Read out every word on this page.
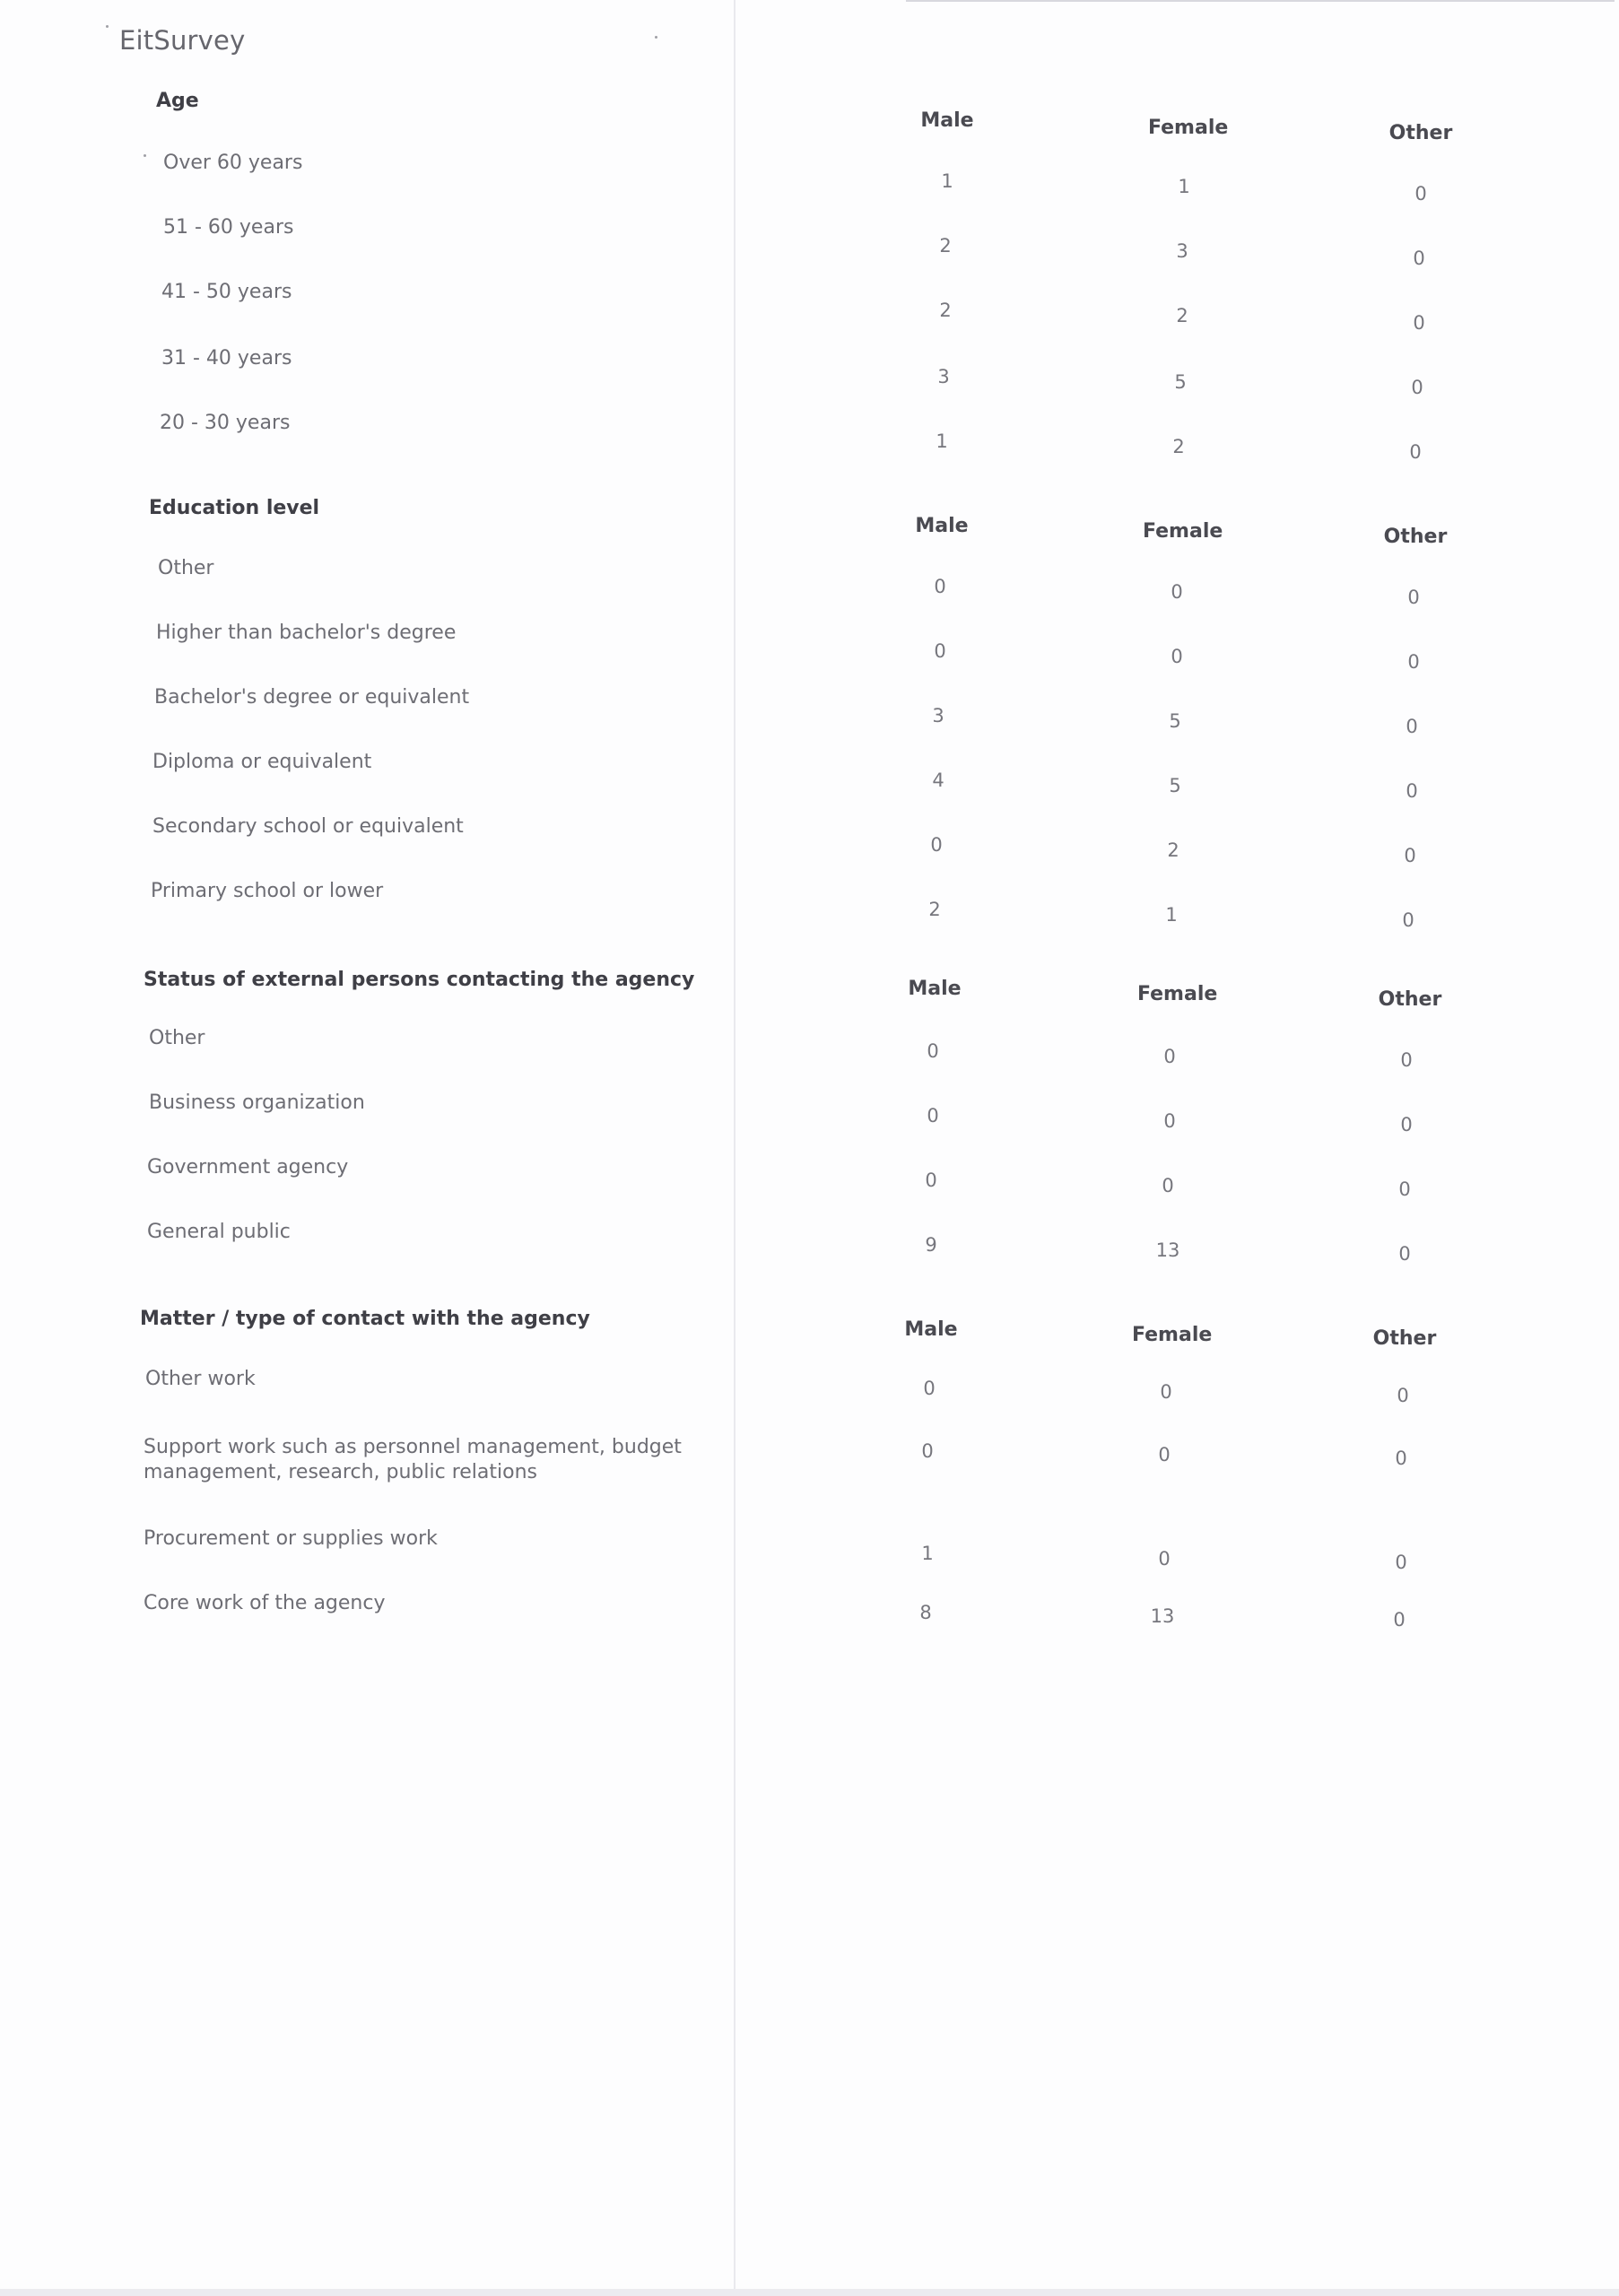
EitSurvey
Age
Male	Female	Other
Over 60 years
1	1	0
51 - 60 years
2	3	0
41 - 50 years
2	2	0
31 - 40 years
3	5	0
20 - 30 years
1	2	0
Education level
Male	Female	Other
Other
0	0	0
Higher than bachelor's degree
0	0	0
Bachelor's degree or equivalent
3	5	0
Diploma or equivalent
4	5	0
Secondary school or equivalent
0	2	0
Primary school or lower
2	1	0
Status of external persons contacting the agency	Male	Female	Other
Other
0	0	0
Business organization
0	0	0
Government agency
0	0	0
General public
9	13	0
Matter / type of contact with the agency	Male	Female	Other
Other work	0	0	0
Support work such as personnel management, budget management, research, public relations
0	0	0
Procurement or supplies work
1	0	0
Core work of the agency	8	13	0
